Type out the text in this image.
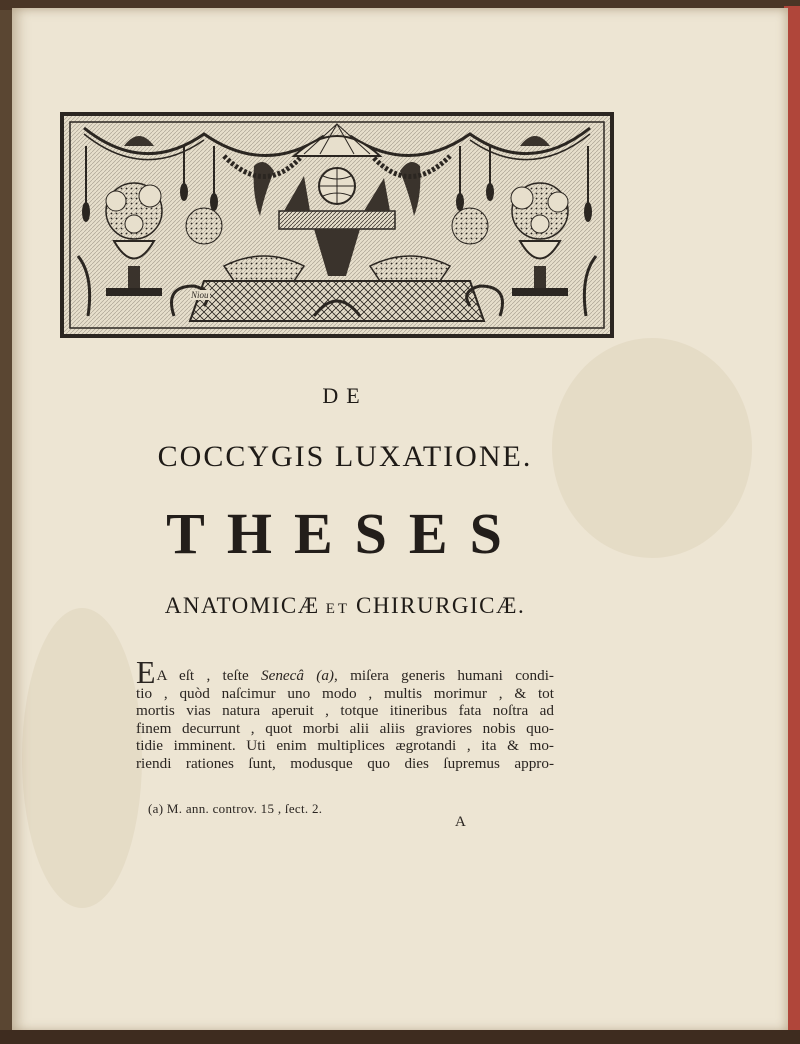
Niou
DE
COCCYGIS LUXATIONE.
THESES
ANATOMICÆ ET CHIRURGICÆ.
EA eſt , teſte Senecâ (a), miſera generis humani condi-
tio , quòd naſcimur uno modo , multis morimur , & tot
mortis vias natura aperuit , totque itineribus fata noſtra ad
finem decurrunt , quot morbi alii aliis graviores nobis quo-
tidie imminent. Uti enim multiplices ægrotandi , ita & mo-
riendi rationes ſunt, modusque quo dies ſupremus appro-
(a) M. ann. controv. 15 , ſect. 2.
A
